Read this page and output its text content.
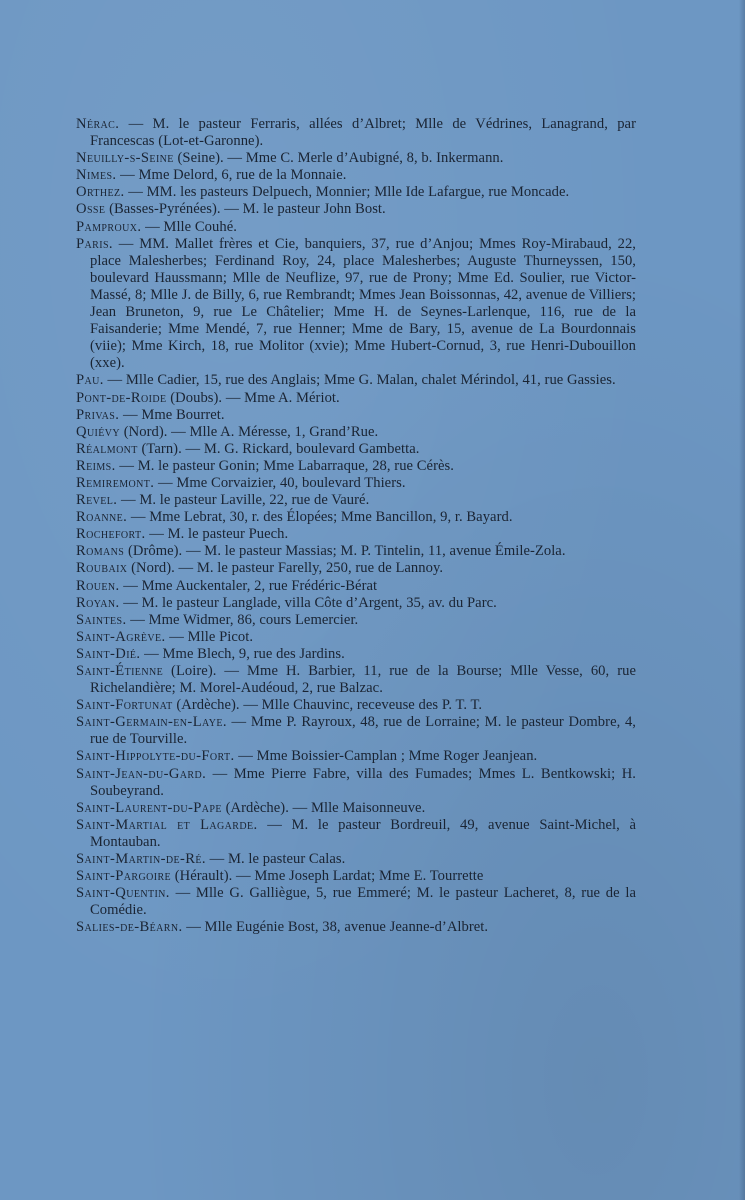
Nérac. — M. le pasteur Ferraris, allées d’Albret; Mlle de Védrines, Lanagrand, par Francescas (Lot-et-Garonne).

Neuilly-s-Seine (Seine). — Mme C. Merle d’Aubigné, 8, b. Inkermann.

Nimes. — Mme Delord, 6, rue de la Monnaie.

Orthez. — MM. les pasteurs Delpuech, Monnier; Mlle Ide Lafargue, rue Moncade.

Osse (Basses-Pyrénées). — M. le pasteur John Bost.

Pamproux. — Mlle Couhé.

Paris. — MM. Mallet frères et Cie, banquiers, 37, rue d’Anjou; Mmes Roy-Mirabaud, 22, place Malesherbes; Ferdinand Roy, 24, place Malesherbes; Auguste Thurneyssen, 150, boulevard Haussmann; Mlle de Neuflize, 97, rue de Prony; Mme Ed. Soulier, rue Victor-Massé, 8; Mlle J. de Billy, 6, rue Rembrandt; Mmes Jean Boissonnas, 42, avenue de Villiers; Jean Bruneton, 9, rue Le Châtelier; Mme H. de Seynes-Larlenque, 116, rue de la Faisanderie; Mme Mendé, 7, rue Henner; Mme de Bary, 15, avenue de La Bourdonnais (viie); Mme Kirch, 18, rue Molitor (xvie); Mme Hubert-Cornud, 3, rue Henri-Dubouillon (xxe).

Pau. — Mlle Cadier, 15, rue des Anglais; Mme G. Malan, chalet Mérindol, 41, rue Gassies.

Pont-de-Roide (Doubs). — Mme A. Mériot.

Privas. — Mme Bourret.

Quiévy (Nord). — Mlle A. Méresse, 1, Grand’Rue.

Réalmont (Tarn). — M. G. Rickard, boulevard Gambetta.

Reims. — M. le pasteur Gonin; Mme Labarraque, 28, rue Cérès.

Remiremont. — Mme Corvaizier, 40, boulevard Thiers.

Revel. — M. le pasteur Laville, 22, rue de Vauré.

Roanne. — Mme Lebrat, 30, r. des Élopées; Mme Bancillon, 9, r. Bayard.

Rochefort. — M. le pasteur Puech.

Romans (Drôme). — M. le pasteur Massias; M. P. Tintelin, 11, avenue Émile-Zola.

Roubaix (Nord). — M. le pasteur Farelly, 250, rue de Lannoy.

Rouen. — Mme Auckentaler, 2, rue Frédéric-Bérat

Royan. — M. le pasteur Langlade, villa Côte d’Argent, 35, av. du Parc.

Saintes. — Mme Widmer, 86, cours Lemercier.

Saint-Agrève. — Mlle Picot.

Saint-Dié. — Mme Blech, 9, rue des Jardins.

Saint-Étienne (Loire). — Mme H. Barbier, 11, rue de la Bourse; Mlle Vesse, 60, rue Richelandière; M. Morel-Audéoud, 2, rue Balzac.

Saint-Fortunat (Ardèche). — Mlle Chauvinc, receveuse des P. T. T.

Saint-Germain-en-Laye. — Mme P. Rayroux, 48, rue de Lorraine; M. le pasteur Dombre, 4, rue de Tourville.

Saint-Hippolyte-du-Fort. — Mme Boissier-Camplan ; Mme Roger Jeanjean.

Saint-Jean-du-Gard. — Mme Pierre Fabre, villa des Fumades; Mmes L. Bentkowski; H. Soubeyrand.

Saint-Laurent-du-Pape (Ardèche). — Mlle Maisonneuve.

Saint-Martial et Lagarde. — M. le pasteur Bordreuil, 49, avenue Saint-Michel, à Montauban.

Saint-Martin-de-Ré. — M. le pasteur Calas.

Saint-Pargoire (Hérault). — Mme Joseph Lardat; Mme E. Tourrette

Saint-Quentin. — Mlle G. Galliègue, 5, rue Emmeré; M. le pasteur Lacheret, 8, rue de la Comédie.

Salies-de-Béarn. — Mlle Eugénie Bost, 38, avenue Jeanne-d’Albret.
